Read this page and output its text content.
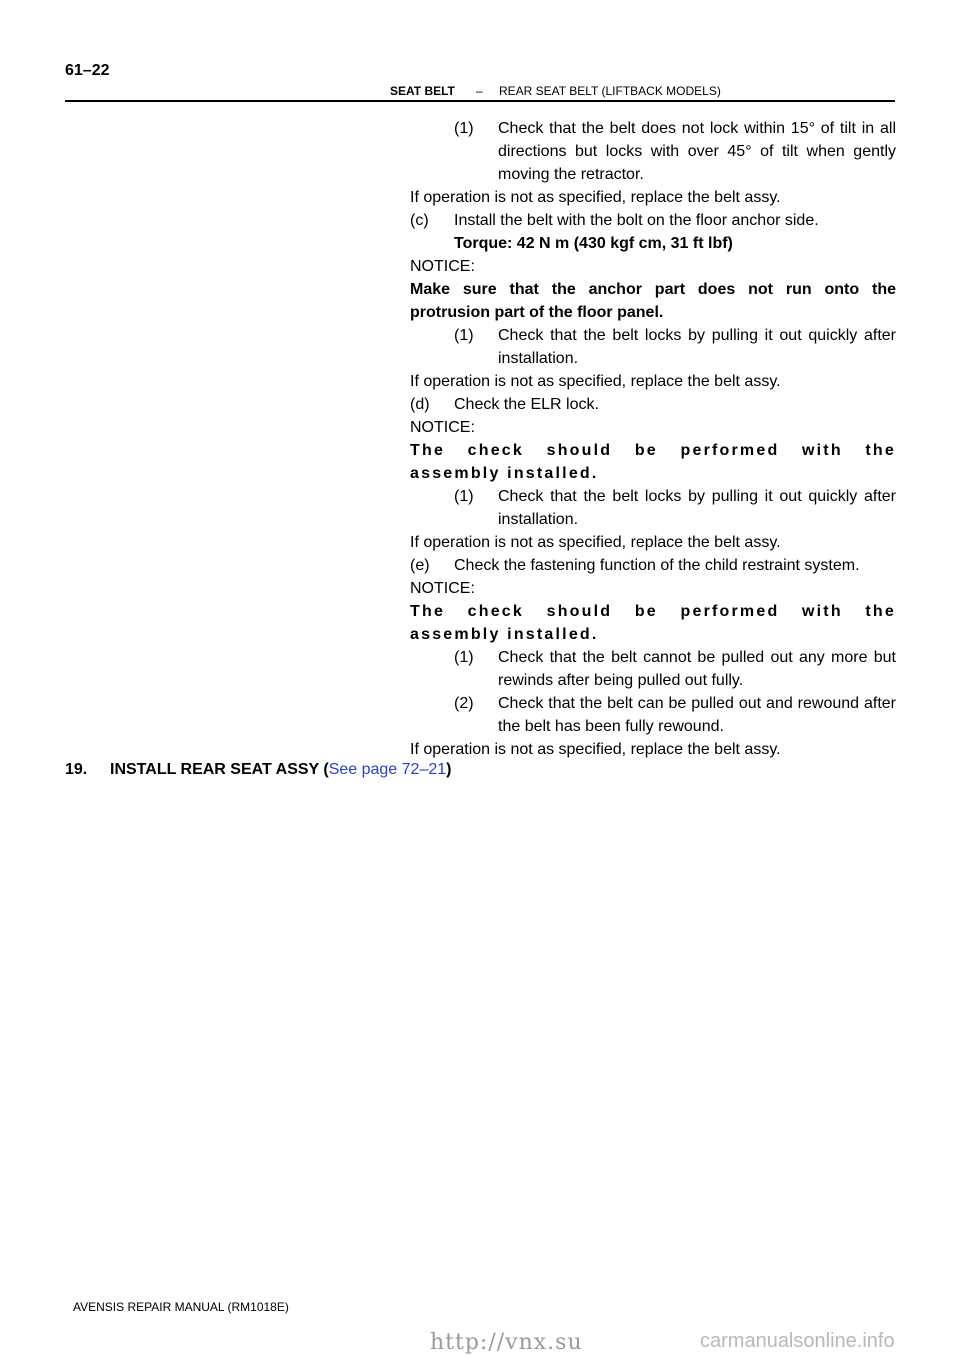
61–22
SEAT BELT – REAR SEAT BELT (LIFTBACK MODELS)
(1) Check that the belt does not lock within 15° of tilt in all directions but locks with over 45° of tilt when gently moving the retractor.
If operation is not as specified, replace the belt assy.
(c) Install the belt with the bolt on the floor anchor side.
Torque: 42 N m (430 kgf cm, 31 ft lbf)
NOTICE:
Make sure that the anchor part does not run onto the protrusion part of the floor panel.
(1) Check that the belt locks by pulling it out quickly after installation.
If operation is not as specified, replace the belt assy.
(d) Check the ELR lock.
NOTICE:
The check should be performed with the assembly installed.
(1) Check that the belt locks by pulling it out quickly after installation.
If operation is not as specified, replace the belt assy.
(e) Check the fastening function of the child restraint system.
NOTICE:
The check should be performed with the assembly installed.
(1) Check that the belt cannot be pulled out any more but rewinds after being pulled out fully.
(2) Check that the belt can be pulled out and rewound after the belt has been fully rewound.
If operation is not as specified, replace the belt assy.
19. INSTALL REAR SEAT ASSY (See page 72–21)
AVENSIS REPAIR MANUAL (RM1018E)
http://vnx.su	carmanualsonline.info
